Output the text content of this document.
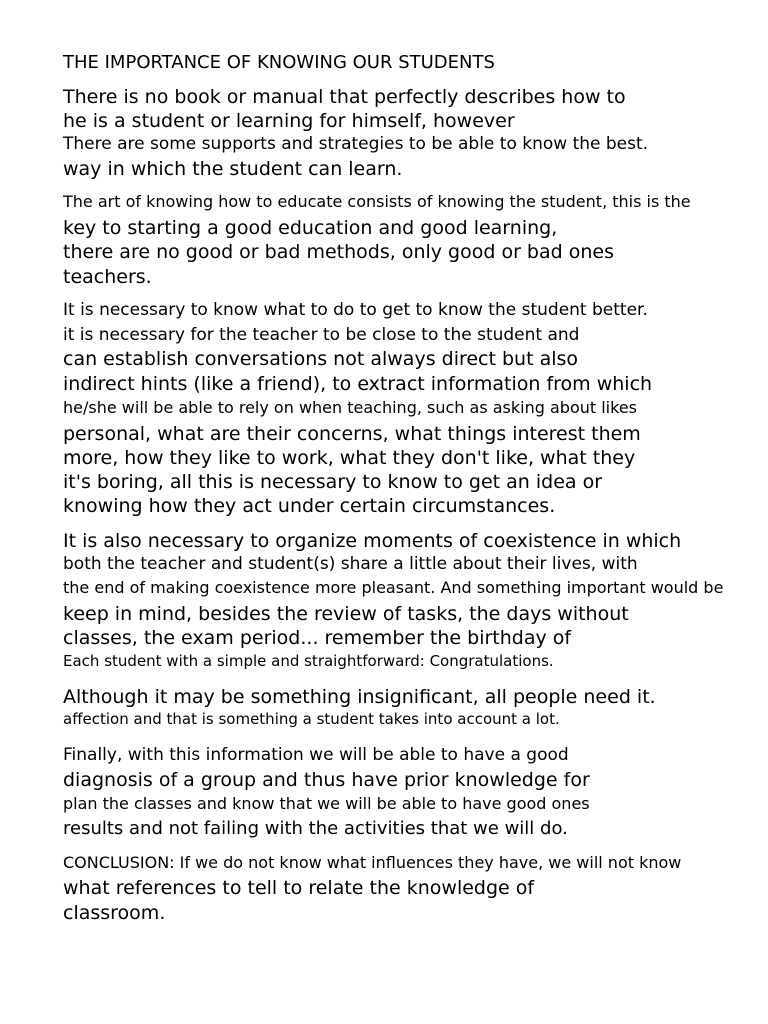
THE IMPORTANCE OF KNOWING OUR STUDENTS
There is no book or manual that perfectly describes how to
he is a student or learning for himself, however
There are some supports and strategies to be able to know the best.
way in which the student can learn.
The art of knowing how to educate consists of knowing the student, this is the
key to starting a good education and good learning,
there are no good or bad methods, only good or bad ones
teachers.
It is necessary to know what to do to get to know the student better.
it is necessary for the teacher to be close to the student and
can establish conversations not always direct but also
indirect hints (like a friend), to extract information from which
he/she will be able to rely on when teaching, such as asking about likes
personal, what are their concerns, what things interest them
more, how they like to work, what they don't like, what they
it's boring, all this is necessary to know to get an idea or
knowing how they act under certain circumstances.
It is also necessary to organize moments of coexistence in which
both the teacher and student(s) share a little about their lives, with
the end of making coexistence more pleasant. And something important would be
keep in mind, besides the review of tasks, the days without
classes, the exam period... remember the birthday of
Each student with a simple and straightforward: Congratulations.
Although it may be something insignificant, all people need it.
affection and that is something a student takes into account a lot.
Finally, with this information we will be able to have a good
diagnosis of a group and thus have prior knowledge for
plan the classes and know that we will be able to have good ones
results and not failing with the activities that we will do.
CONCLUSION: If we do not know what influences they have, we will not know
what references to tell to relate the knowledge of
classroom.
